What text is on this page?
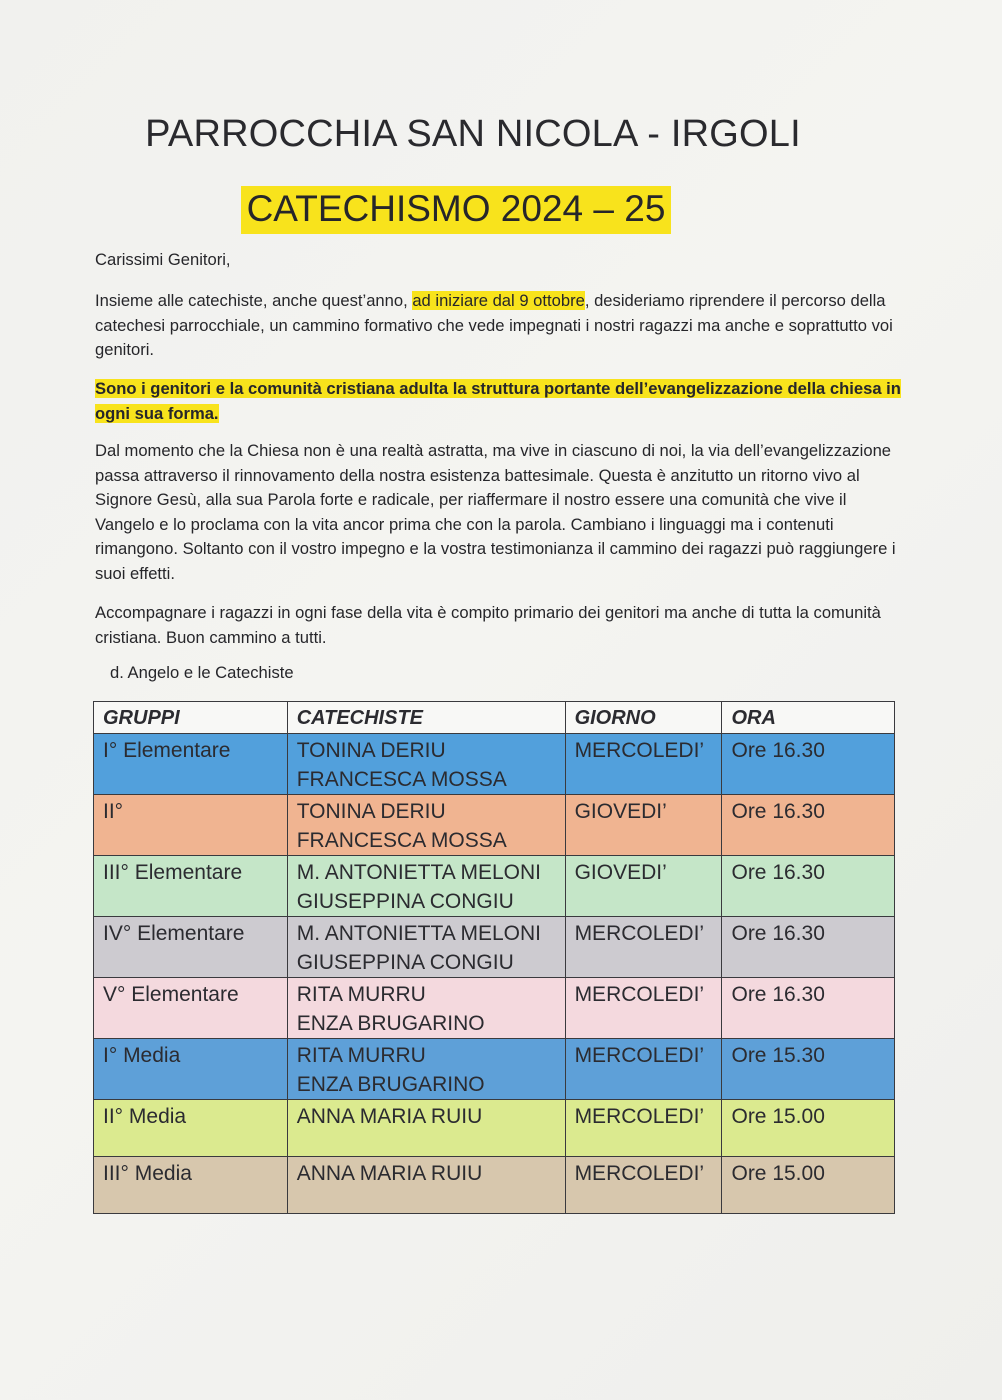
PARROCCHIA SAN NICOLA - IRGOLI
CATECHISMO 2024 – 25
Carissimi Genitori,
Insieme alle catechiste, anche quest’anno, ad iniziare dal 9 ottobre, desideriamo riprendere il percorso della catechesi parrocchiale, un cammino formativo che vede impegnati i nostri ragazzi ma anche e soprattutto voi genitori.
Sono i genitori e la comunità cristiana adulta la struttura portante dell’evangelizzazione della chiesa in ogni sua forma.
Dal momento che la Chiesa non è una realtà astratta, ma vive in ciascuno di noi, la via dell’evangelizzazione passa attraverso il rinnovamento della nostra esistenza battesimale. Questa è anzitutto un ritorno vivo al Signore Gesù, alla sua Parola forte e radicale, per riaffermare il nostro essere una comunità che vive il Vangelo e lo proclama con la vita ancor prima che con la parola. Cambiano i linguaggi ma i contenuti rimangono. Soltanto con il vostro impegno e la vostra testimonianza il cammino dei ragazzi può raggiungere i suoi effetti.
Accompagnare i ragazzi in ogni fase della vita è compito primario dei genitori ma anche di tutta la comunità cristiana. Buon cammino a tutti.
d. Angelo e le Catechiste
GRUPPI	CATECHISTE	GIORNO	ORA

I° Elementare	TONINA DERIU
FRANCESCA MOSSA	MERCOLEDI’	Ore 16.30

II°	TONINA DERIU
FRANCESCA MOSSA	GIOVEDI’	Ore 16.30

III° Elementare	M. ANTONIETTA MELONI
GIUSEPPINA CONGIU	GIOVEDI’	Ore 16.30

IV° Elementare	M. ANTONIETTA MELONI
GIUSEPPINA CONGIU	MERCOLEDI’	Ore 16.30

V° Elementare	RITA MURRU
ENZA BRUGARINO	MERCOLEDI’	Ore 16.30

I° Media	RITA MURRU
ENZA BRUGARINO	MERCOLEDI’	Ore 15.30

II° Media	ANNA MARIA RUIU	MERCOLEDI’	Ore 15.00

III° Media	ANNA MARIA RUIU	MERCOLEDI’	Ore 15.00
